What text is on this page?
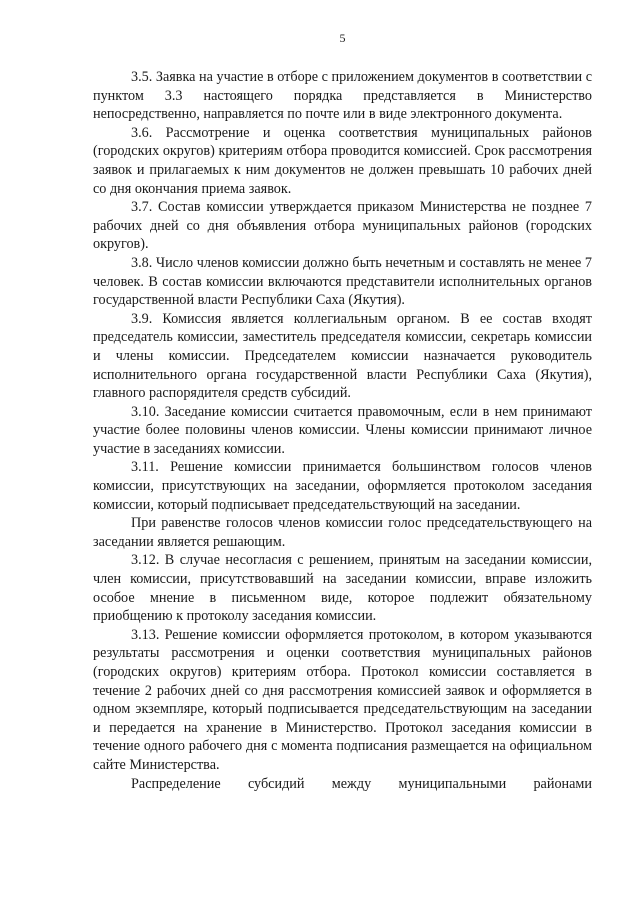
5

3.5. Заявка на участие в отборе с приложением документов в соответствии с пунктом 3.3 настоящего порядка представляется в Министерство непосредственно, направляется по почте или в виде электронного документа.

3.6. Рассмотрение и оценка соответствия муниципальных районов (городских округов) критериям отбора проводится комиссией. Срок рассмотрения заявок и прилагаемых к ним документов не должен превышать 10 рабочих дней со дня окончания приема заявок.

3.7. Состав комиссии утверждается приказом Министерства не позднее 7 рабочих дней со дня объявления отбора муниципальных районов (городских округов).

3.8. Число членов комиссии должно быть нечетным и составлять не менее 7 человек. В состав комиссии включаются представители исполнительных органов государственной власти Республики Саха (Якутия).

3.9. Комиссия является коллегиальным органом. В ее состав входят председатель комиссии, заместитель председателя комиссии, секретарь комиссии и члены комиссии. Председателем комиссии назначается руководитель исполнительного органа государственной власти Республики Саха (Якутия), главного распорядителя средств субсидий.

3.10. Заседание комиссии считается правомочным, если в нем принимают участие более половины членов комиссии. Члены комиссии принимают личное участие в заседаниях комиссии.

3.11. Решение комиссии принимается большинством голосов членов комиссии, присутствующих на заседании, оформляется протоколом заседания комиссии, который подписывает председательствующий на заседании.

При равенстве голосов членов комиссии голос председательствующего на заседании является решающим.

3.12. В случае несогласия с решением, принятым на заседании комиссии, член комиссии, присутствовавший на заседании комиссии, вправе изложить особое мнение в письменном виде, которое подлежит обязательному приобщению к протоколу заседания комиссии.

3.13. Решение комиссии оформляется протоколом, в котором указываются результаты рассмотрения и оценки соответствия муниципальных районов (городских округов) критериям отбора. Протокол комиссии составляется в течение 2 рабочих дней со дня рассмотрения комиссией заявок и оформляется в одном экземпляре, который подписывается председательствующим на заседании и передается на хранение в Министерство. Протокол заседания комиссии в течение одного рабочего дня с момента подписания размещается на официальном сайте Министерства.

Распределение субсидий между муниципальными районами
